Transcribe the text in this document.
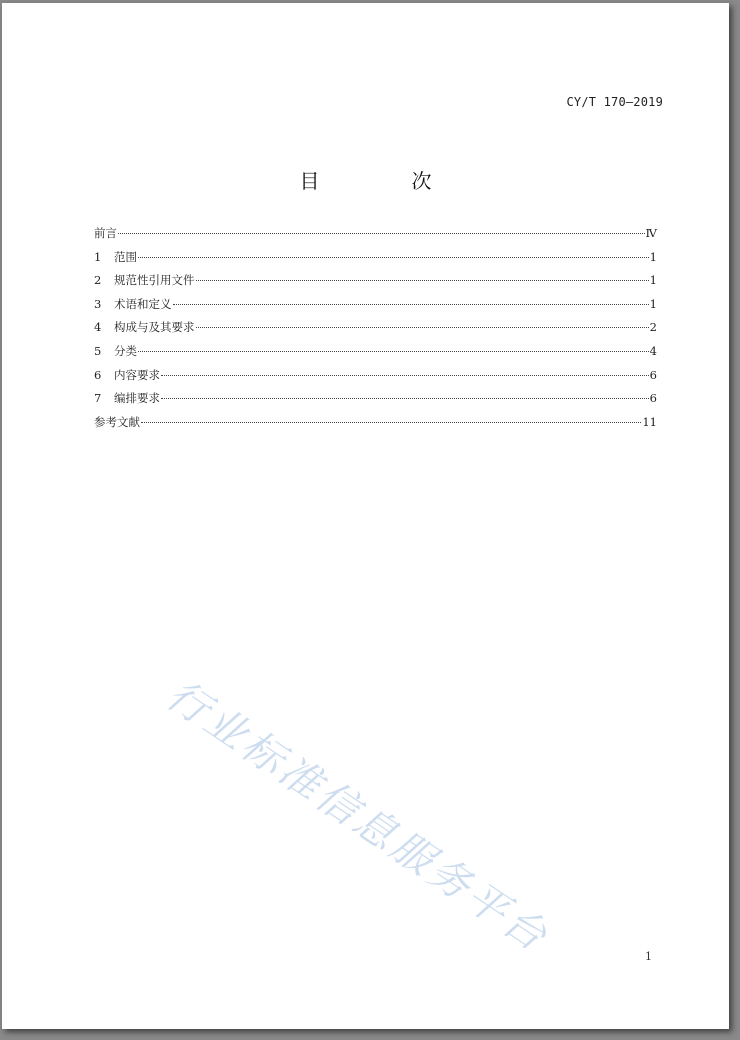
CY/T 170—2019
目　次
前言	Ⅳ
1	范围	1
2	规范性引用文件	1
3	术语和定义	1
4	构成与及其要求	2
5	分类	4
6	内容要求	6
7	编排要求	6
参考文献	11
行业标准信息服务平台	1
